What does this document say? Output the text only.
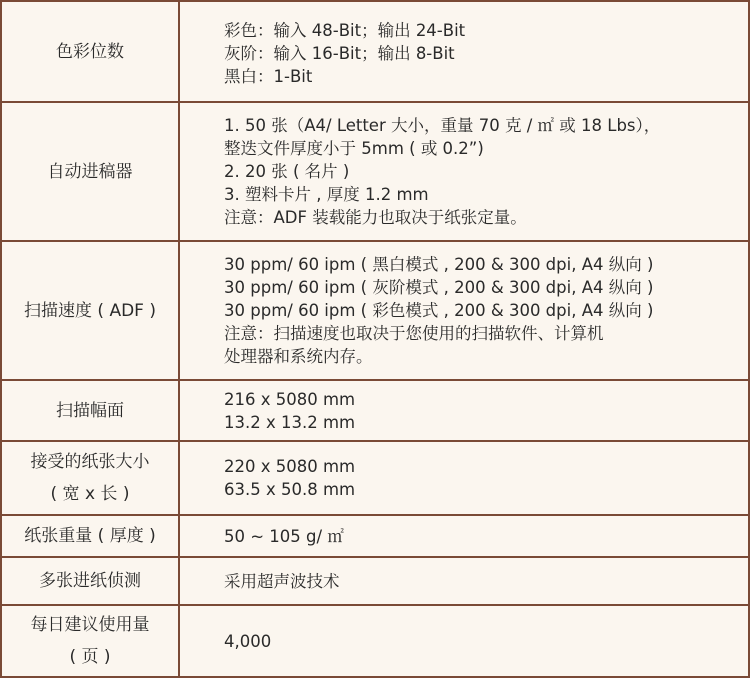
色彩位数	彩色：输入 48-Bit；输出 24-Bit
灰阶：输入 16-Bit；输出 8-Bit
黑白：1-Bit

自动进稿器	1. 50 张（A4/ Letter 大小，重量 70 克 / ㎡ 或 18 Lbs），
整迭文件厚度小于 5mm ( 或 0.2”)
2. 20 张 ( 名片 )
3. 塑料卡片 , 厚度 1.2 mm
注意：ADF 装载能力也取决于纸张定量。

扫描速度 ( ADF )	30 ppm/ 60 ipm ( 黑白模式 , 200 & 300 dpi, A4 纵向 )
30 ppm/ 60 ipm ( 灰阶模式 , 200 & 300 dpi, A4 纵向 )
30 ppm/ 60 ipm ( 彩色模式 , 200 & 300 dpi, A4 纵向 )
注意：扫描速度也取决于您使用的扫描软件、计算机
处理器和系统内存。

扫描幅面	216 x 5080 mm
13.2 x 13.2 mm

接受的纸张大小
( 宽 x 长 )	220 x 5080 mm
63.5 x 50.8 mm

纸张重量 ( 厚度 )	50 ~ 105 g/ ㎡

多张进纸侦测	采用超声波技术

每日建议使用量
( 页 )	4,000
